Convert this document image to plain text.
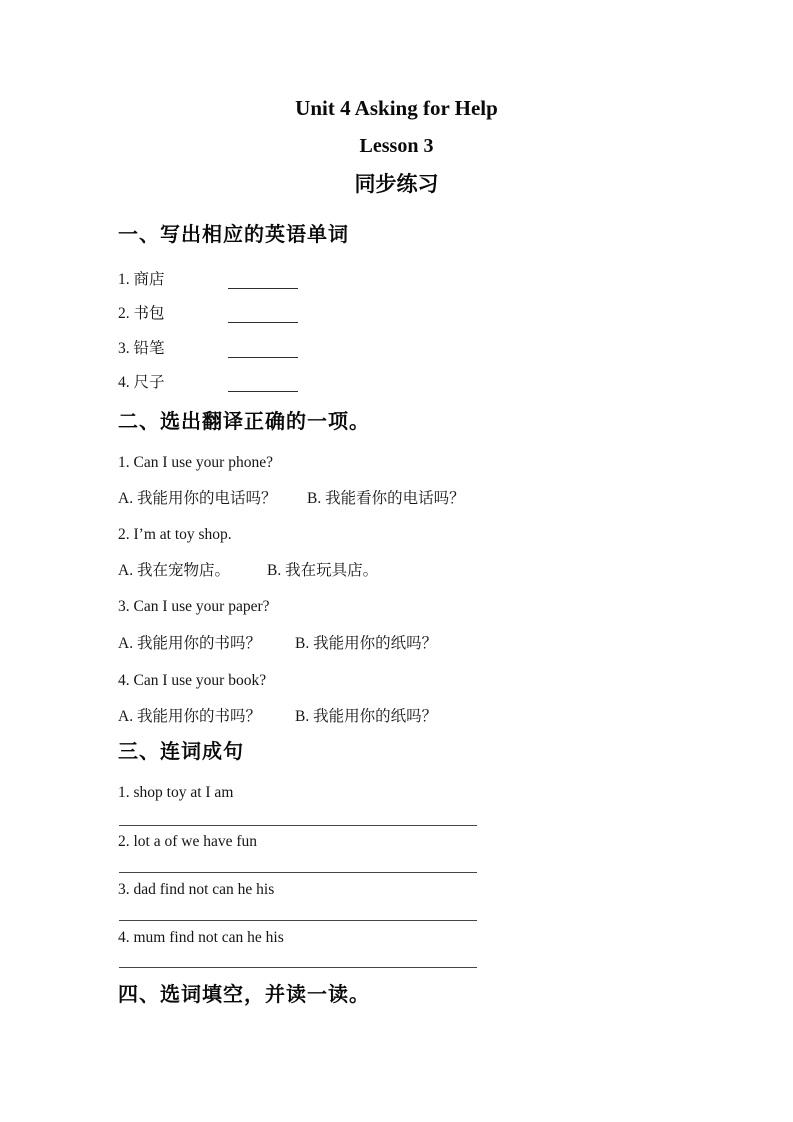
Unit 4 Asking for Help
Lesson 3
同步练习
一、写出相应的英语单词
1. 商店
2. 书包
3. 铅笔
4. 尺子
二、选出翻译正确的一项。
1. Can I use your phone?
A. 我能用你的电话吗？ B. 我能看你的电话吗？
2. I’m at toy shop.
A. 我在宠物店。 B. 我在玩具店。
3. Can I use your paper?
A. 我能用你的书吗？ B. 我能用你的纸吗？
4. Can I use your book?
A. 我能用你的书吗？ B. 我能用你的纸吗？
三、连词成句
1. shop toy at I am
2. lot a of we have fun
3. dad find not can he his
4. mum find not can he his
四、选词填空，并读一读。
